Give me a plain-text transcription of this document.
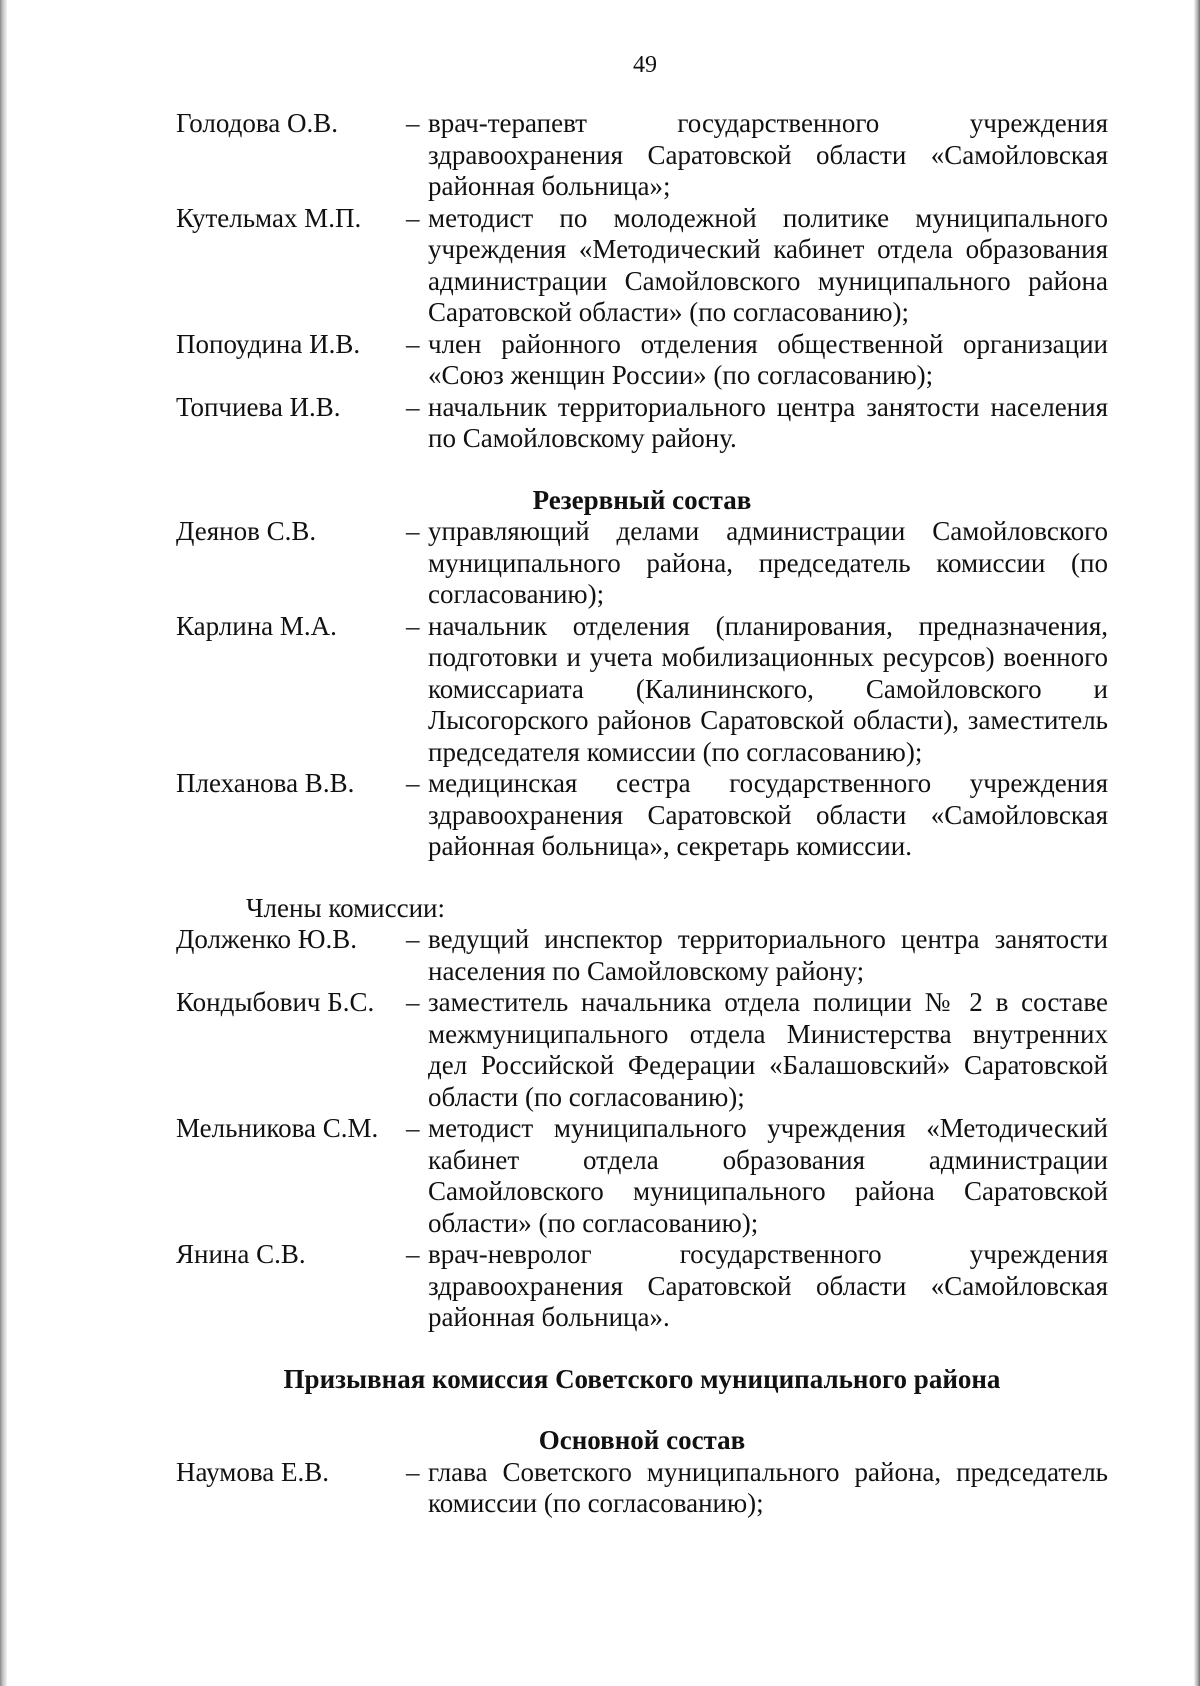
49
Голодова О.В.	– врач-терапевт государственного учреждения здравоохранения Саратовской области «Самойловская районная больница»;
Кутельмах М.П.	– методист по молодежной политике муниципального учреждения «Методический кабинет отдела образования администрации Самойловского муниципального района Саратовской области» (по согласованию);
Попоудина И.В.	– член районного отделения общественной организации «Союз женщин России» (по согласованию);
Топчиева И.В.	– начальник территориального центра занятости населения по Самойловскому району.
Резервный состав
Деянов С.В.	– управляющий делами администрации Самойловского муниципального района, председатель комиссии (по согласованию);
Карлина М.А.	– начальник отделения (планирования, предназначения, подготовки и учета мобилизационных ресурсов) военного комиссариата (Калининского, Самойловского и Лысогорского районов Саратовской области), заместитель председателя комиссии (по согласованию);
Плеханова В.В.	– медицинская сестра государственного учреждения здравоохранения Саратовской области «Самойловская районная больница», секретарь комиссии.
Члены комиссии:
Долженко Ю.В.	– ведущий инспектор территориального центра занятости населения по Самойловскому району;
Кондыбович Б.С.	– заместитель начальника отдела полиции № 2 в составе межмуниципального отдела Министерства внутренних дел Российской Федерации «Балашовский» Саратовской области (по согласованию);
Мельникова С.М.	– методист муниципального учреждения «Методический кабинет отдела образования администрации Самойловского муниципального района Саратовской области» (по согласованию);
Янина С.В.	– врач-невролог государственного учреждения здравоохранения Саратовской области «Самойловская районная больница».
Призывная комиссия Советского муниципального района
Основной состав
Наумова Е.В.	– глава Советского муниципального района, председатель комиссии (по согласованию);
